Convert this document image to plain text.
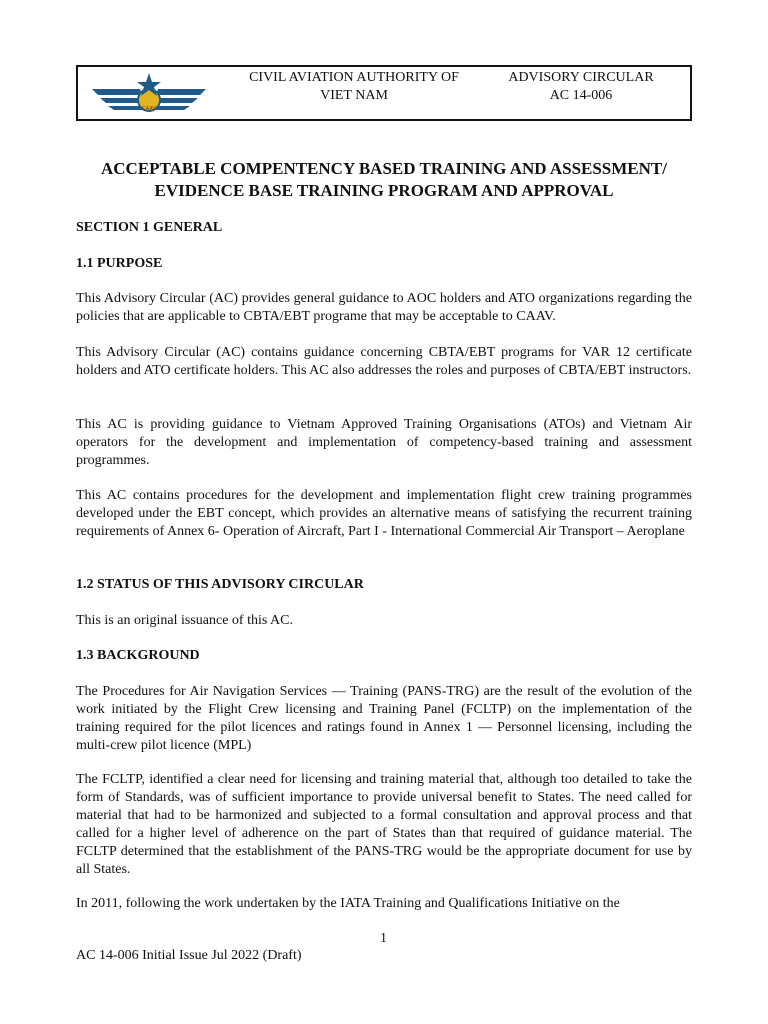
CAAV
CIVIL AVIATION AUTHORITY OF VIET NAM
ADVISORY CIRCULAR
AC 14-006
ACCEPTABLE COMPENTENCY BASED TRAINING AND ASSESSMENT/ EVIDENCE BASE TRAINING PROGRAM AND APPROVAL
SECTION 1 GENERAL
1.1 PURPOSE
This Advisory Circular (AC) provides general guidance to AOC holders and ATO organizations regarding the policies that are applicable to CBTA/EBT programe that may be acceptable to CAAV.
This Advisory Circular (AC) contains guidance concerning CBTA/EBT programs for VAR 12 certificate holders and ATO certificate holders. This AC also addresses the roles and purposes of CBTA/EBT instructors.
This AC is providing guidance to Vietnam Approved Training Organisations (ATOs) and Vietnam Air operators for the development and implementation of competency-based training and assessment programmes.
This AC contains procedures for the development and implementation flight crew training programmes developed under the EBT concept, which provides an alternative means of satisfying the recurrent training requirements of Annex 6- Operation of Aircraft, Part I - International Commercial Air Transport – Aeroplane
1.2 STATUS OF THIS ADVISORY CIRCULAR
This is an original issuance of this AC.
1.3 BACKGROUND
The Procedures for Air Navigation Services — Training (PANS-TRG) are the result of the evolution of the work initiated by the Flight Crew licensing and Training Panel (FCLTP) on the implementation of the training required for the pilot licences and ratings found in Annex 1 — Personnel licensing, including the multi-crew pilot licence (MPL)
The FCLTP, identified a clear need for licensing and training material that, although too detailed to take the form of Standards, was of sufficient importance to provide universal benefit to States. The need called for material that had to be harmonized and subjected to a formal consultation and approval process and that called for a higher level of adherence on the part of States than that required of guidance material. The FCLTP determined that the establishment of the PANS-TRG would be the appropriate document for use by all States.
In 2011, following the work undertaken by the IATA Training and Qualifications Initiative on the
1
AC 14-006 Initial Issue Jul 2022 (Draft)
